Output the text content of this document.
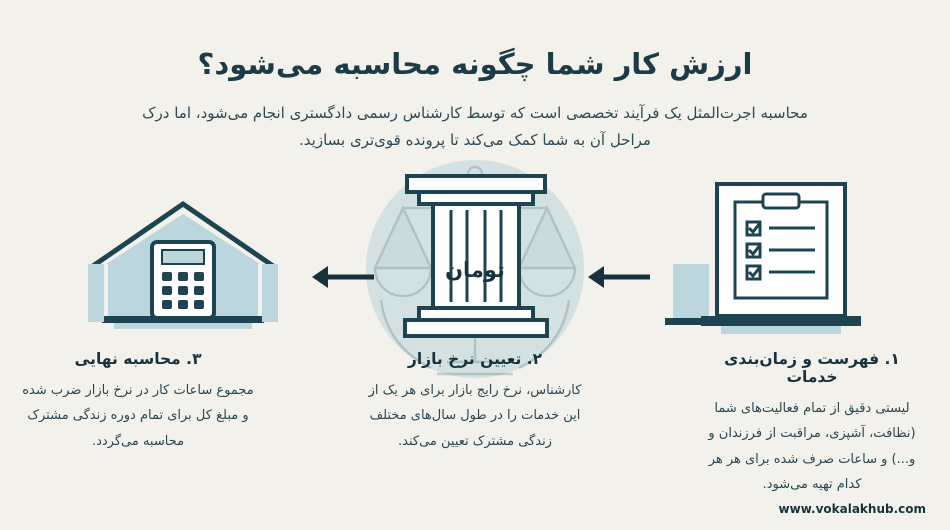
ارزش کار شما چگونه محاسبه می‌شود؟

محاسبه اجرت‌المثل یک فرآیند تخصصی است که توسط کارشناس رسمی دادگستری انجام می‌شود، اما درک مراحل آن به شما کمک می‌کند تا پرونده قوی‌تری بسازید.

تومان
۱. فهرست و زمان‌بندی خدمات

لیستی دقیق از تمام فعالیت‌های شما (نظافت، آشپزی، مراقبت از فرزندان و و...) و ساعات صرف شده برای هر هر کدام تهیه می‌شود.

۲. تعیین نرخ بازار

کارشناس، نرخ رایج بازار برای هر یک از این خدمات را در طول سال‌های مختلف زندگی مشترک تعیین می‌کند.

۳. محاسبه نهایی

مجموع ساعات کار در نرخ بازار ضرب شده و مبلغ کل برای تمام دوره زندگی مشترک محاسبه می‌گردد.

www.vokalakhub.com
